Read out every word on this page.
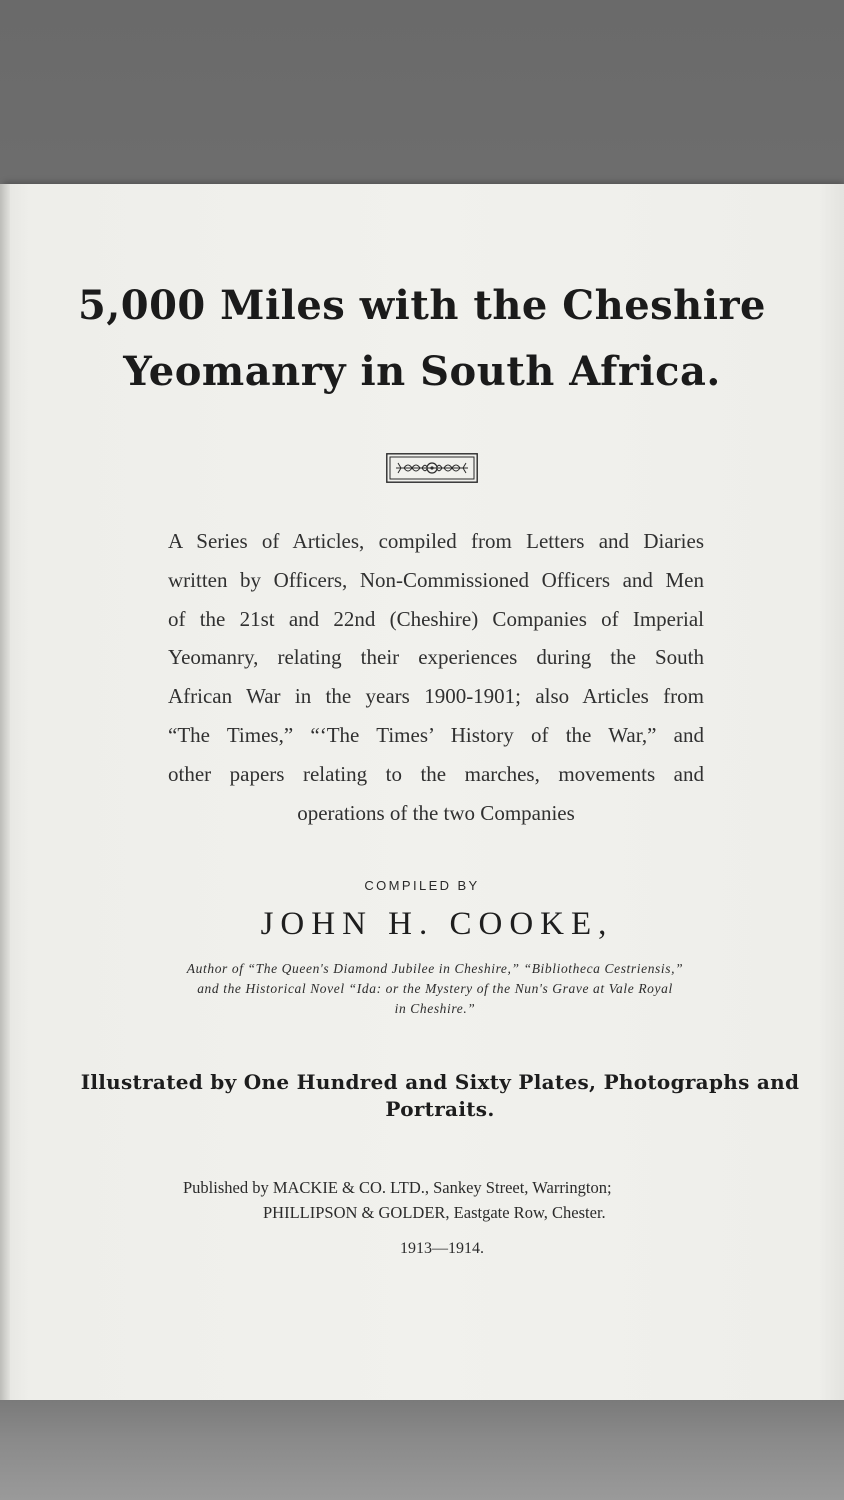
5,000 Miles with the Cheshire
Yeomanry in South Africa.
A Series of Articles, compiled from Letters and Diaries
written by Officers, Non-Commissioned Officers and Men
of the 21st and 22nd (Cheshire) Companies of Imperial
Yeomanry, relating their experiences during the South
African War in the years 1900-1901; also Articles from
“The Times,” “‘The Times’ History of the War,” and
other papers relating to the marches, movements and
operations of the two Companies
COMPILED BY
JOHN H. COOKE,
Author of “The Queen's Diamond Jubilee in Cheshire,” “Bibliotheca Cestriensis,”
and the Historical Novel “Ida: or the Mystery of the Nun's Grave at Vale Royal
in Cheshire.”
Illustrated by One Hundred and Sixty Plates, Photographs and
Portraits.
Published by MACKIE & CO. LTD., Sankey Street, Warrington;
PHILLIPSON & GOLDER, Eastgate Row, Chester.
1913—1914.
